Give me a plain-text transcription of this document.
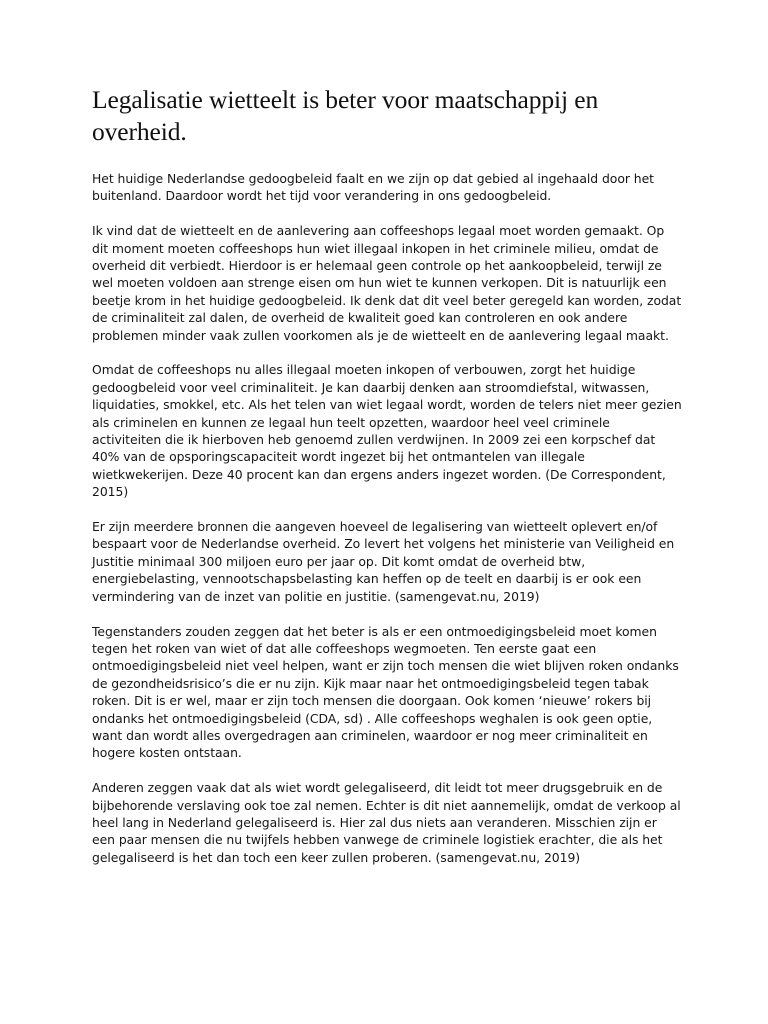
Legalisatie wietteelt is beter voor maatschappij en overheid.

Het huidige Nederlandse gedoogbeleid faalt en we zijn op dat gebied al ingehaald door het buitenland. Daardoor wordt het tijd voor verandering in ons gedoogbeleid.

Ik vind dat de wietteelt en de aanlevering aan coffeeshops legaal moet worden gemaakt. Op dit moment moeten coffeeshops hun wiet illegaal inkopen in het criminele milieu, omdat de overheid dit verbiedt. Hierdoor is er helemaal geen controle op het aankoopbeleid, terwijl ze wel moeten voldoen aan strenge eisen om hun wiet te kunnen verkopen. Dit is natuurlijk een beetje krom in het huidige gedoogbeleid. Ik denk dat dit veel beter geregeld kan worden, zodat de criminaliteit zal dalen, de overheid de kwaliteit goed kan controleren en ook andere problemen minder vaak zullen voorkomen als je de wietteelt en de aanlevering legaal maakt.

Omdat de coffeeshops nu alles illegaal moeten inkopen of verbouwen, zorgt het huidige gedoogbeleid voor veel criminaliteit. Je kan daarbij denken aan stroomdiefstal, witwassen, liquidaties, smokkel, etc. Als het telen van wiet legaal wordt, worden de telers niet meer gezien als criminelen en kunnen ze legaal hun teelt opzetten, waardoor heel veel criminele activiteiten die ik hierboven heb genoemd zullen verdwijnen. In 2009 zei een korpschef dat 40% van de opsporingscapaciteit wordt ingezet bij het ontmantelen van illegale wietkwekerijen. Deze 40 procent kan dan ergens anders ingezet worden. (De Correspondent, 2015)

Er zijn meerdere bronnen die aangeven hoeveel de legalisering van wietteelt oplevert en/of bespaart voor de Nederlandse overheid. Zo levert het volgens het ministerie van Veiligheid en Justitie minimaal 300 miljoen euro per jaar op. Dit komt omdat de overheid btw, energiebelasting, vennootschapsbelasting kan heffen op de teelt en daarbij is er ook een vermindering van de inzet van politie en justitie. (samengevat.nu, 2019)

Tegenstanders zouden zeggen dat het beter is als er een ontmoedigingsbeleid moet komen tegen het roken van wiet of dat alle coffeeshops wegmoeten. Ten eerste gaat een ontmoedigingsbeleid niet veel helpen, want er zijn toch mensen die wiet blijven roken ondanks de gezondheidsrisico’s die er nu zijn. Kijk maar naar het ontmoedigingsbeleid tegen tabak roken. Dit is er wel, maar er zijn toch mensen die doorgaan. Ook komen ‘nieuwe’ rokers bij ondanks het ontmoedigingsbeleid (CDA, sd) . Alle coffeeshops weghalen is ook geen optie, want dan wordt alles overgedragen aan criminelen, waardoor er nog meer criminaliteit en hogere kosten ontstaan.

Anderen zeggen vaak dat als wiet wordt gelegaliseerd, dit leidt tot meer drugsgebruik en de bijbehorende verslaving ook toe zal nemen. Echter is dit niet aannemelijk, omdat de verkoop al heel lang in Nederland gelegaliseerd is. Hier zal dus niets aan veranderen. Misschien zijn er een paar mensen die nu twijfels hebben vanwege de criminele logistiek erachter, die als het gelegaliseerd is het dan toch een keer zullen proberen. (samengevat.nu, 2019)
